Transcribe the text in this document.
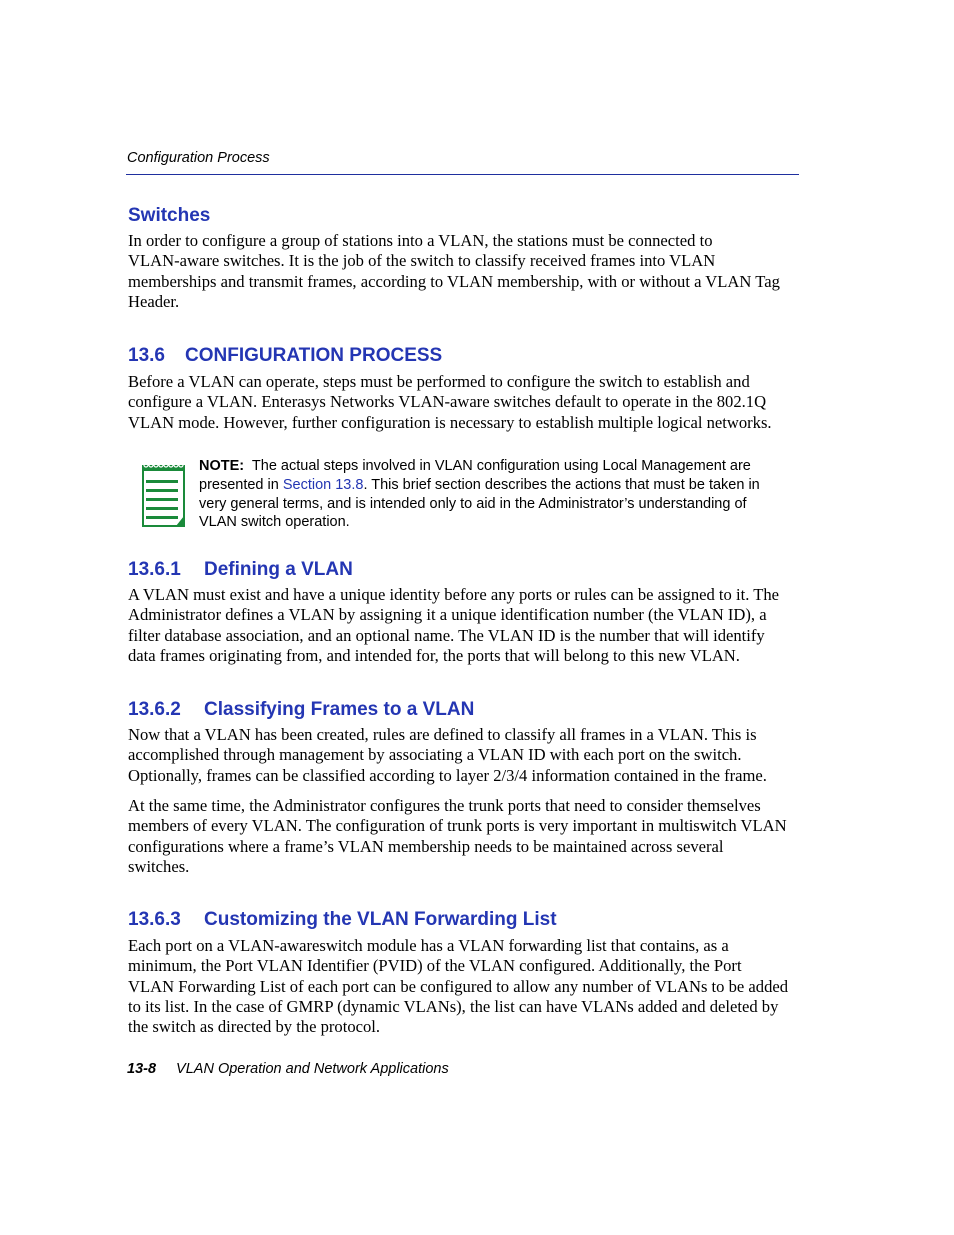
Configuration Process
Switches
In order to configure a group of stations into a VLAN, the stations must be connected to
VLAN-aware switches. It is the job of the switch to classify received frames into VLAN
memberships and transmit frames, according to VLAN membership, with or without a VLAN Tag
Header.
13.6 CONFIGURATION PROCESS
Before a VLAN can operate, steps must be performed to configure the switch to establish and
configure a VLAN. Enterasys Networks VLAN-aware switches default to operate in the 802.1Q
VLAN mode. However, further configuration is necessary to establish multiple logical networks.
NOTE: The actual steps involved in VLAN configuration using Local Management are
presented in Section 13.8. This brief section describes the actions that must be taken in
very general terms, and is intended only to aid in the Administrator’s understanding of
VLAN switch operation.
13.6.1 Defining a VLAN
A VLAN must exist and have a unique identity before any ports or rules can be assigned to it. The
Administrator defines a VLAN by assigning it a unique identification number (the VLAN ID), a
filter database association, and an optional name. The VLAN ID is the number that will identify
data frames originating from, and intended for, the ports that will belong to this new VLAN.
13.6.2 Classifying Frames to a VLAN
Now that a VLAN has been created, rules are defined to classify all frames in a VLAN. This is
accomplished through management by associating a VLAN ID with each port on the switch.
Optionally, frames can be classified according to layer 2/3/4 information contained in the frame.
At the same time, the Administrator configures the trunk ports that need to consider themselves
members of every VLAN. The configuration of trunk ports is very important in multiswitch VLAN
configurations where a frame’s VLAN membership needs to be maintained across several
switches.
13.6.3 Customizing the VLAN Forwarding List
Each port on a VLAN-awareswitch module has a VLAN forwarding list that contains, as a
minimum, the Port VLAN Identifier (PVID) of the VLAN configured. Additionally, the Port
VLAN Forwarding List of each port can be configured to allow any number of VLANs to be added
to its list. In the case of GMRP (dynamic VLANs), the list can have VLANs added and deleted by
the switch as directed by the protocol.
13-8 VLAN Operation and Network Applications
